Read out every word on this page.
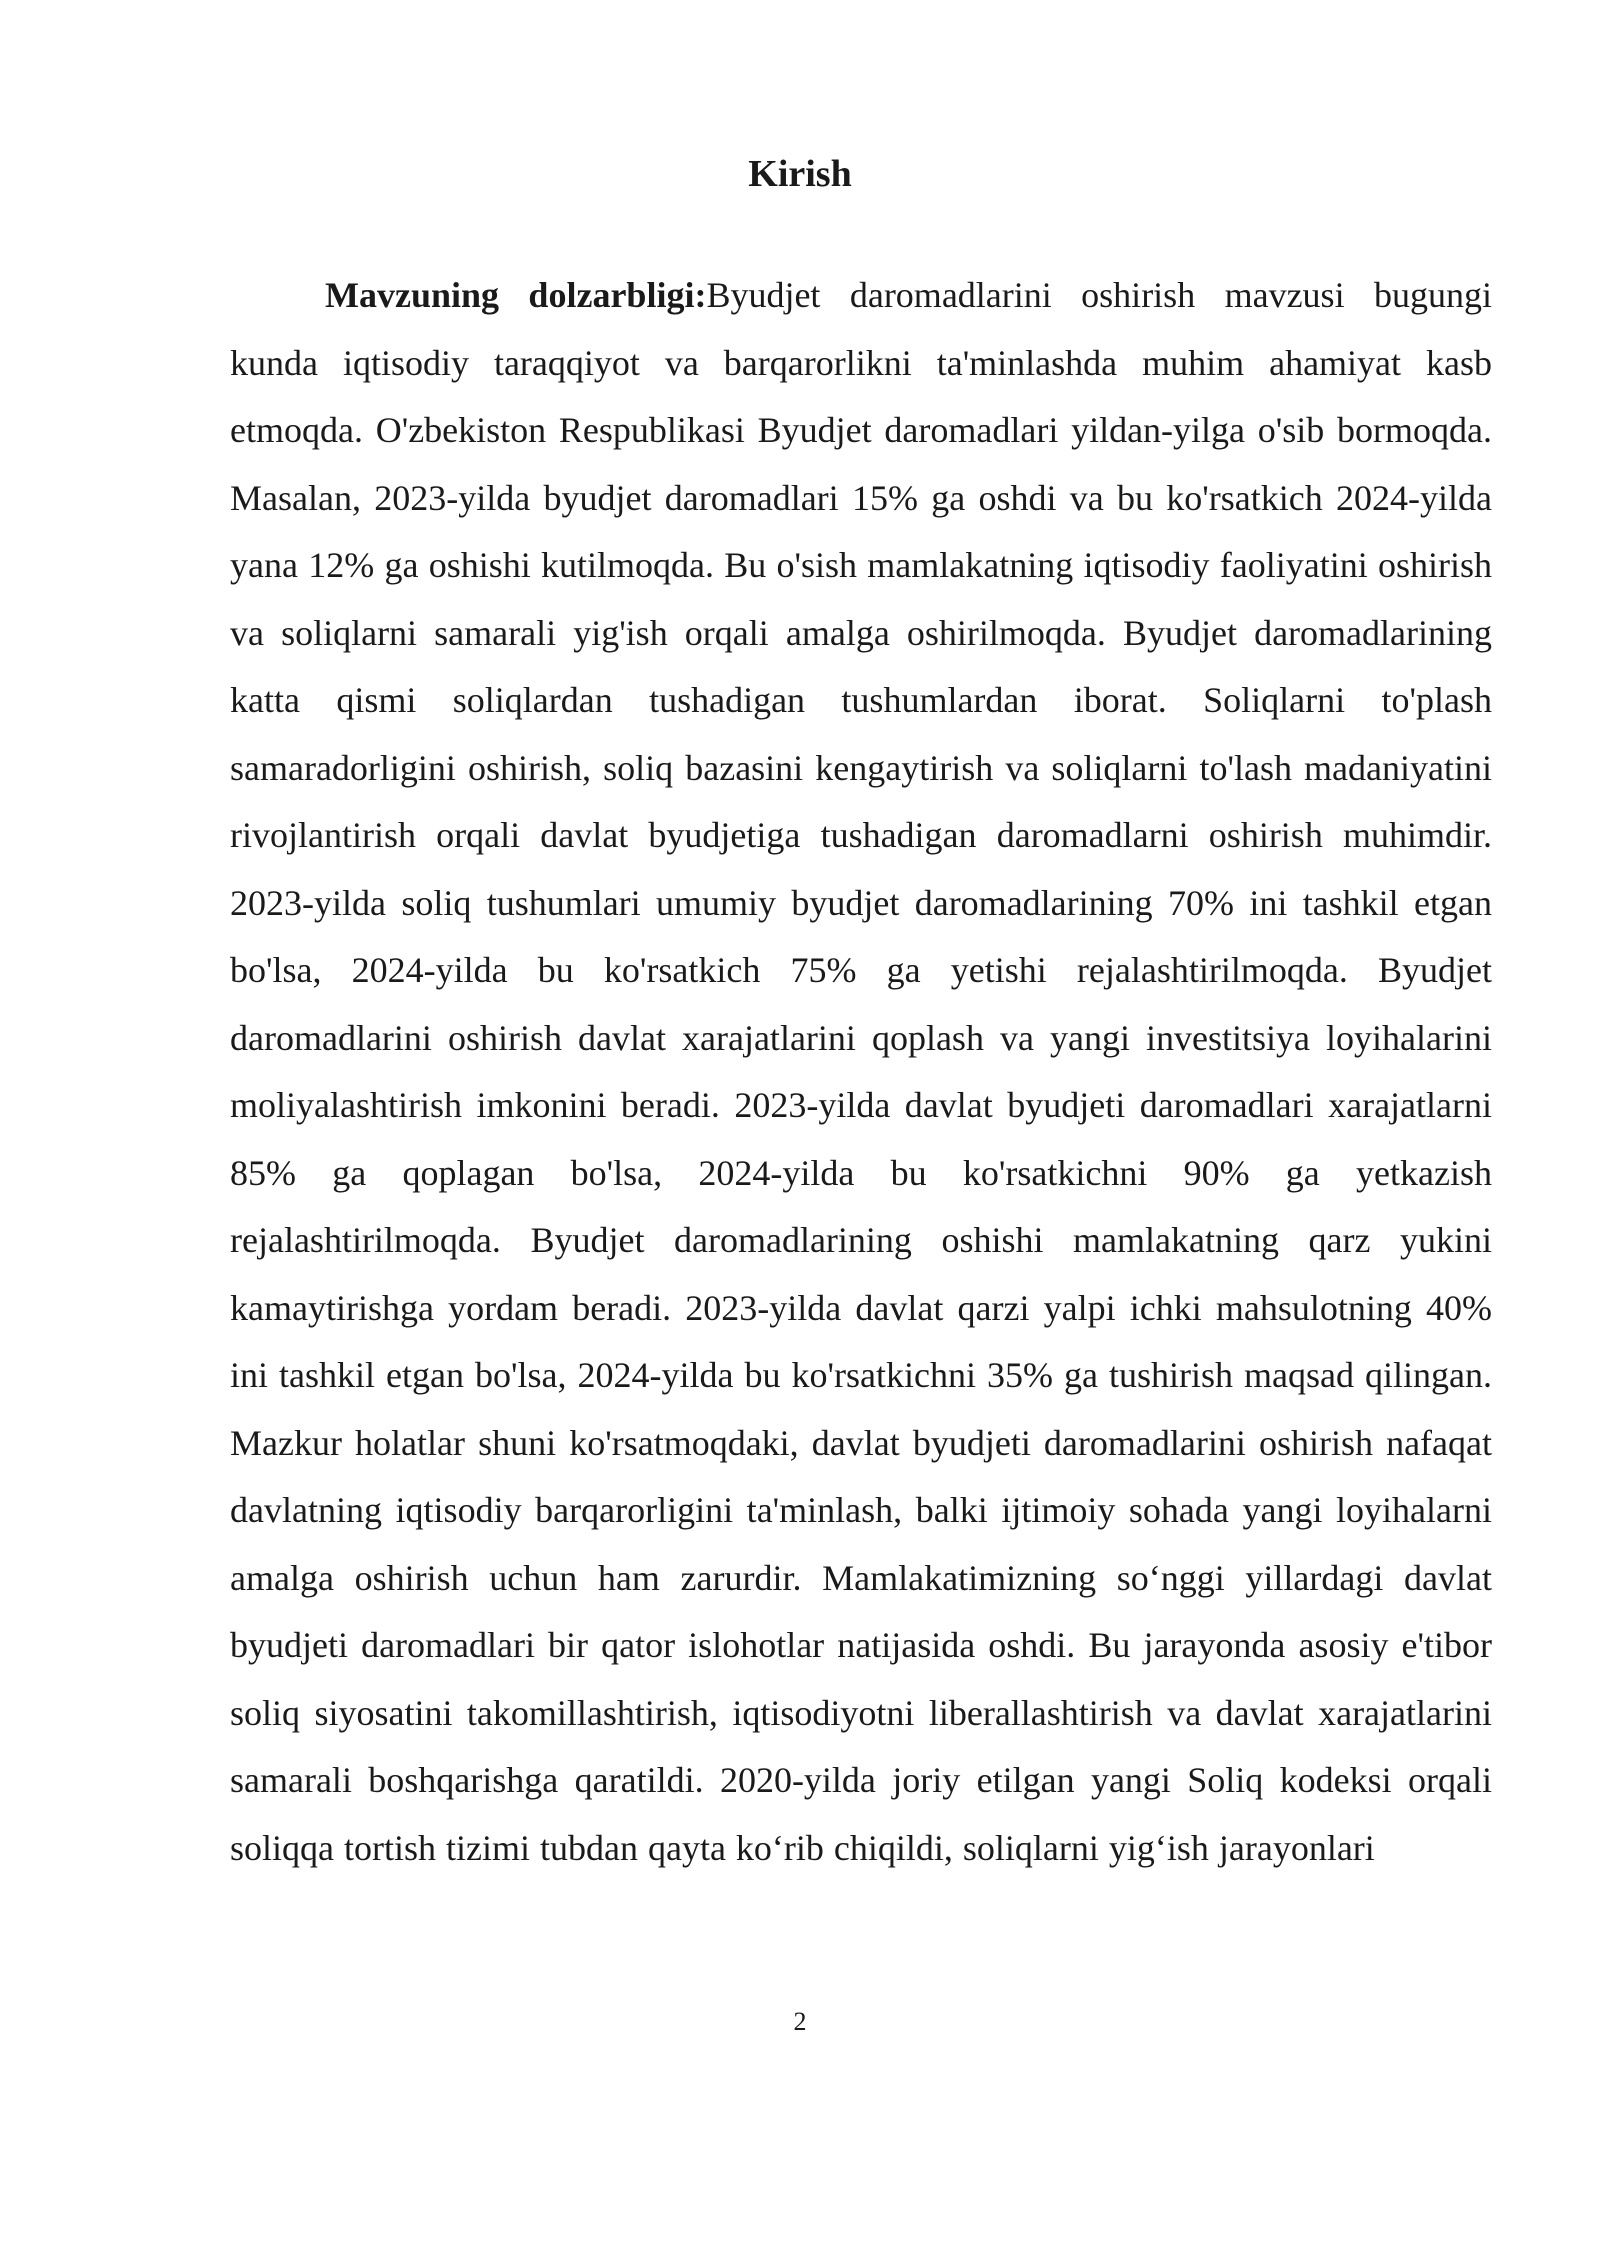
Kirish

Mavzuning dolzarbligi:Byudjet daromadlarini oshirish mavzusi bugungi kunda iqtisodiy taraqqiyot va barqarorlikni ta'minlashda muhim ahamiyat kasb etmoqda. O'zbekiston Respublikasi Byudjet daromadlari yildan-yilga o'sib bormoqda. Masalan, 2023-yilda byudjet daromadlari 15% ga oshdi va bu ko'rsatkich 2024-yilda yana 12% ga oshishi kutilmoqda. Bu o'sish mamlakatning iqtisodiy faoliyatini oshirish va soliqlarni samarali yig'ish orqali amalga oshirilmoqda. Byudjet daromadlarining katta qismi soliqlardan tushadigan tushumlardan iborat. Soliqlarni to'plash samaradorligini oshirish, soliq bazasini kengaytirish va soliqlarni to'lash madaniyatini rivojlantirish orqali davlat byudjetiga tushadigan daromadlarni oshirish muhimdir. 2023-yilda soliq tushumlari umumiy byudjet daromadlarining 70% ini tashkil etgan bo'lsa, 2024-yilda bu ko'rsatkich 75% ga yetishi rejalashtirilmoqda. Byudjet daromadlarini oshirish davlat xarajatlarini qoplash va yangi investitsiya loyihalarini moliyalashtirish imkonini beradi. 2023-yilda davlat byudjeti daromadlari xarajatlarni 85% ga qoplagan bo'lsa, 2024-yilda bu ko'rsatkichni 90% ga yetkazish rejalashtirilmoqda. Byudjet daromadlarining oshishi mamlakatning qarz yukini kamaytirishga yordam beradi. 2023-yilda davlat qarzi yalpi ichki mahsulotning 40% ini tashkil etgan bo'lsa, 2024-yilda bu ko'rsatkichni 35% ga tushirish maqsad qilingan. Mazkur holatlar shuni ko'rsatmoqdaki, davlat byudjeti daromadlarini oshirish nafaqat davlatning iqtisodiy barqarorligini ta'minlash, balki ijtimoiy sohada yangi loyihalarni amalga oshirish uchun ham zarurdir. Mamlakatimizning so‘nggi yillardagi davlat byudjeti daromadlari bir qator islohotlar natijasida oshdi. Bu jarayonda asosiy e'tibor soliq siyosatini takomillashtirish, iqtisodiyotni liberallashtirish va davlat xarajatlarini samarali boshqarishga qaratildi. 2020-yilda joriy etilgan yangi Soliq kodeksi orqali soliqqa tortish tizimi tubdan qayta ko‘rib chiqildi, soliqlarni yig‘ish jarayonlari

2
